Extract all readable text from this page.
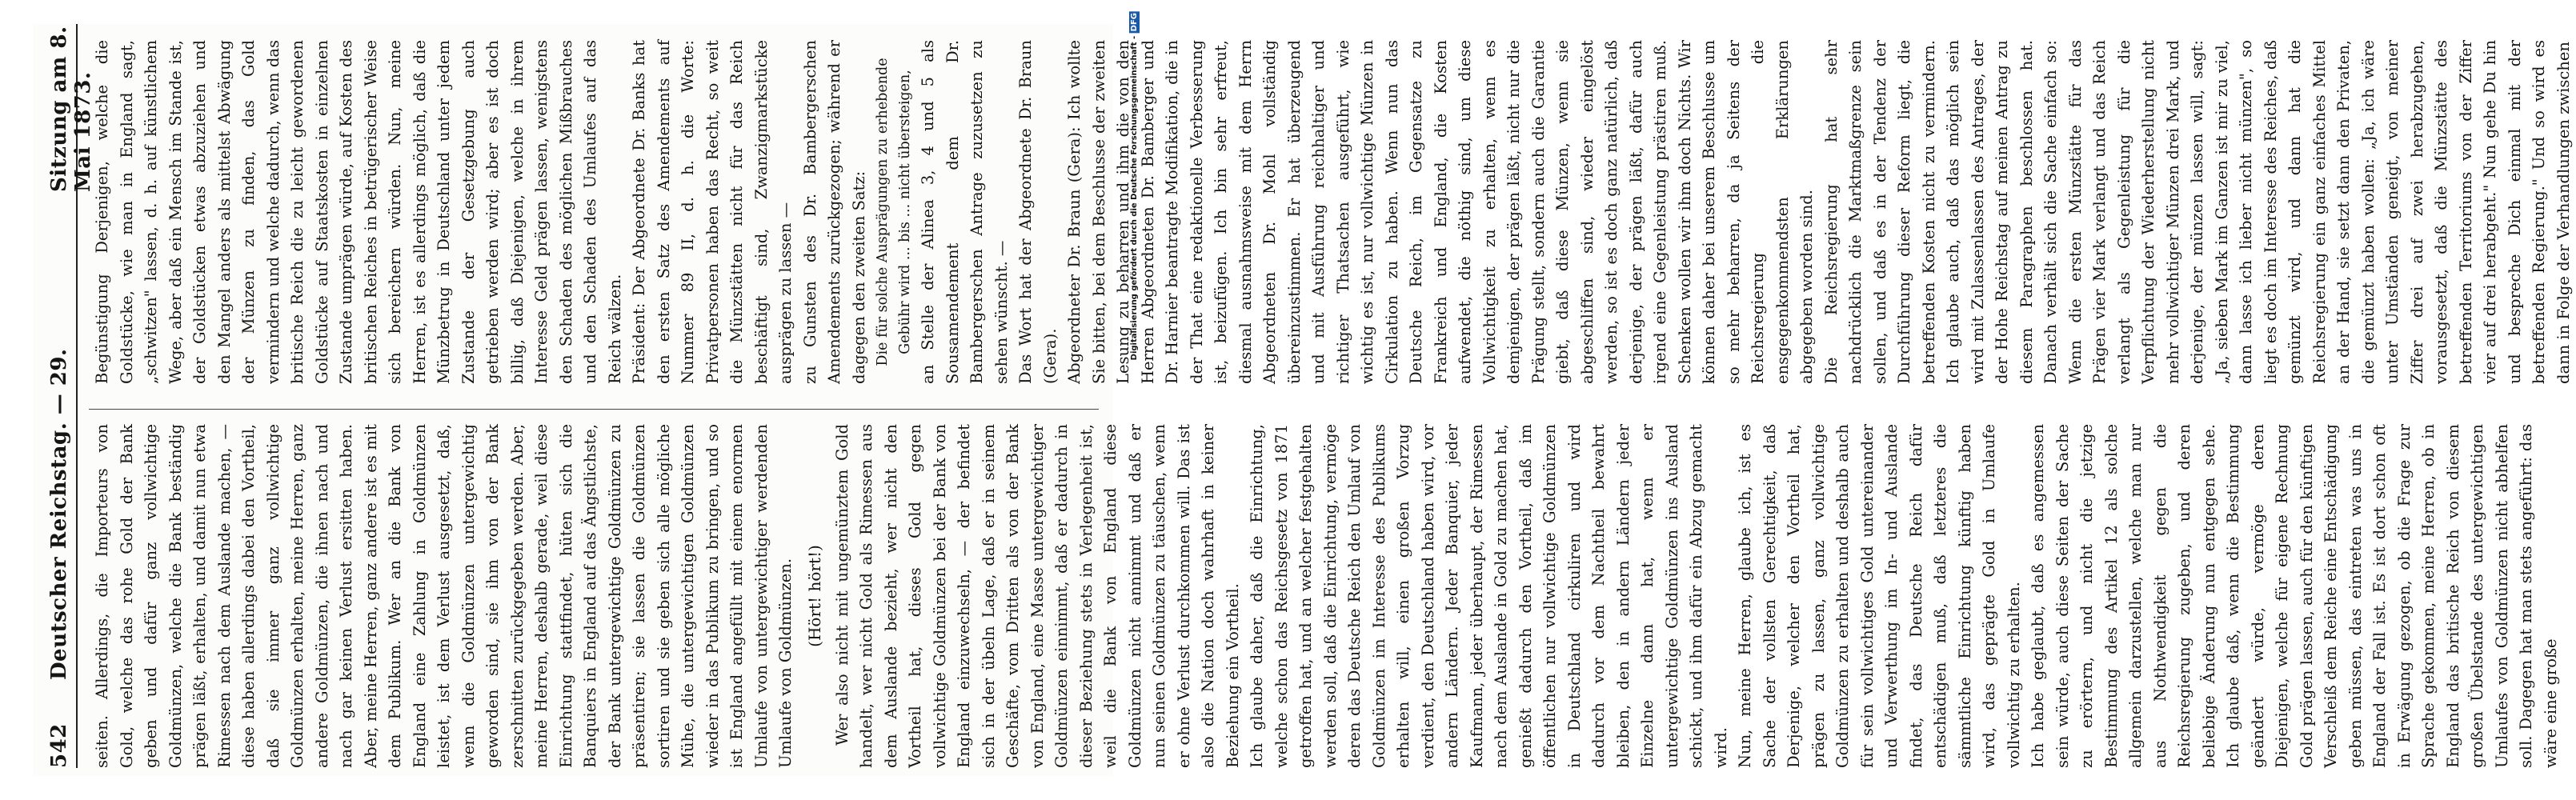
542
Deutscher Reichstag. — 29.
Sitzung am 8. Mai 1873.

seiten. Allerdings, die Importeurs von Gold, welche das rohe Gold der Bank geben und dafür ganz vollwichtige Goldmünzen, welche die Bank beständig prägen läßt, erhalten, und damit nun etwa Rimessen nach dem Auslande machen, — diese haben allerdings dabei den Vortheil, daß sie immer ganz vollwichtige Goldmünzen erhalten, meine Herren, ganz andere Goldmünzen, die ihnen nach und nach gar keinen Verlust ersitten haben. Aber, meine Herren, ganz andere ist es mit dem Publikum. Wer an die Bank von England eine Zahlung in Goldmünzen leistet, ist dem Verlust ausgesetzt, daß, wenn die Goldmünzen untergewichtig geworden sind, sie ihm von der Bank zerschnitten zurückgegeben werden. Aber, meine Herren, deshalb gerade, weil diese Einrichtung stattfindet, hüten sich die Banquiers in England auf das Ängstlichste, der Bank untergewichtige Goldmünzen zu präsentiren; sie lassen die Goldmünzen sortiren und sie geben sich alle mögliche Mühe, die untergewichtigen Goldmünzen wieder in das Publikum zu bringen, und so ist England angefüllt mit einem enormen Umlaufe von untergewichtiger werdenden Umlaufe von Goldmünzen. (Hört! hört!) Wer also nicht mit ungemünztem Gold handelt, wer nicht Gold als Rimessen aus dem Auslande bezieht, wer nicht den Vortheil hat, dieses Gold gegen vollwichtige Goldmünzen bei der Bank von England einzuwechseln, — der befindet sich in der übeln Lage, daß er in seinem Geschäfte, vom Dritten als von der Bank von England, eine Masse untergewichtiger Goldmünzen einnimmt, daß er dadurch in dieser Beziehung stets in Verlegenheit ist, weil die Bank von England diese Goldmünzen nicht annimmt und daß er nun seinen Goldmünzen zu täuschen, wenn er ohne Verlust durchkommen will. Das ist also die Nation doch wahrhaft in keiner Beziehung ein Vortheil. Ich glaube daher, daß die Einrichtung, welche schon das Reichsgesetz von 1871 getroffen hat, und an welcher festgehalten werden soll, daß die Einrichtung, vermöge deren das Deutsche Reich den Umlauf von Goldmünzen im Interesse des Publikums erhalten will, einen großen Vorzug verdient, den Deutschland haben wird, vor andern Ländern. Jeder Banquier, jeder Kaufmann, jeder überhaupt, der Rimessen nach dem Auslande in Gold zu machen hat, genießt dadurch den Vortheil, daß im öffentlichen nur vollwichtige Goldmünzen in Deutschland cirkuliren und wird dadurch vor dem Nachtheil bewahrt bleiben, den in andern Ländern jeder Einzelne dann hat, wenn er untergewichtige Goldmünzen ins Ausland schickt, und ihm dafür ein Abzug gemacht wird. Nun, meine Herren, glaube ich, ist es Sache der vollsten Gerechtigkeit, daß Derjenige, welcher den Vortheil hat, prägen zu lassen, ganz vollwichtige Goldmünzen zu erhalten und deshalb auch für sein vollwichtiges Gold untereinander und Verwerthung im In- und Auslande findet, das Deutsche Reich dafür entschädigen muß, daß letzteres die sämmtliche Einrichtung künftig haben wird, das geprägte Gold in Umlaufe vollwichtig zu erhalten. Ich habe geglaubt, daß es angemessen sein würde, auch diese Seiten der Sache zu erörtern, und nicht die jetzige Bestimmung des Artikel 12 als solche allgemein darzustellen, welche man nur aus Nothwendigkeit gegen die Reichsregierung zugeben, und deren beliebige Änderung nun entgegen sehe. Ich glaube daß, wenn die Bestimmung geändert würde, vermöge deren Diejenigen, welche für eigene Rechnung Gold prägen lassen, auch für den künftigen Verschleiß dem Reiche eine Entschädigung geben müssen, das eintreten was uns in England der Fall ist. Es ist dort schon oft in Erwägung gezogen, ob die Frage zur Sprache gekommen, meine Herren, ob in England das britische Reich von diesem großen Übelstande des untergewichtigen Umlaufes von Goldmünzen nicht abhelfen soll. Dagegen hat man stets angeführt: das wäre eine große

Begünstigung Derjenigen, welche die Goldstücke, wie man in England sagt, „schwitzen" lassen, d. h. auf künstlichem Wege, aber daß ein Mensch im Stande ist, der Goldstücken etwas abzuziehen und den Mangel anders als mittelst Abwägung der Münzen zu finden, das Gold vermindern und welche dadurch, wenn das britische Reich die zu leicht gewordenen Goldstücke auf Staatskosten in einzelnen Zustande umprägen würde, auf Kosten des britischen Reiches in betrügerischer Weise sich bereichern würden. Nun, meine Herren, ist es allerdings möglich, daß die Münzbetrug in Deutschland unter jedem Zustande der Gesetzgebung auch getrieben werden wird; aber es ist doch billig, daß Diejenigen, welche in ihrem Interesse Geld prägen lassen, wenigstens den Schaden des möglichen Mißbrauches und den Schaden des Umlaufes auf das Reich wälzen. Präsident: Der Abgeordnete Dr. Banks hat den ersten Satz des Amendements auf Nummer 89 II, d. h. die Worte: Privatpersonen haben das Recht, so weit die Münzstätten nicht für das Reich beschäftigt sind, Zwanzigmarkstücke ausprägen zu lassen — zu Gunsten des Dr. Bambergerschen Amendements zurückgezogen; während er dagegen den zweiten Satz: Die für solche Ausprägungen zu erhebende Gebühr wird ... bis ... nicht übersteigen, an Stelle der Alinea 3, 4 und 5 als Sousamendement dem Dr. Bambergerschen Antrage zuzusetzen zu sehen wünscht. — Das Wort hat der Abgeordnete Dr. Braun (Gera). Abgeordneter Dr. Braun (Gera): Ich wollte Sie bitten, bei dem Beschlusse der zweiten Lesung zu beharren und ihm die von den Herren Abgeordneten Dr. Bamberger und Dr. Harnier beantragte Modifikation, die in der That eine redaktionelle Verbesserung ist, beizufügen. Ich bin sehr erfreut, diesmal ausnahmsweise mit dem Herrn Abgeordneten Dr. Mohl vollständig übereinzustimmen. Er hat überzeugend und mit Ausführung reichhaltiger und richtiger Thatsachen ausgeführt, wie wichtig es ist, nur vollwichtige Münzen in Cirkulation zu haben. Wenn nun das Deutsche Reich, im Gegensatze zu Frankreich und England, die Kosten aufwendet, die nöthig sind, um diese Vollwichtigkeit zu erhalten, wenn es demjenigen, der prägen läßt, nicht nur die Prägung stellt, sondern auch die Garantie giebt, daß diese Münzen, wenn sie abgeschliffen sind, wieder eingelöst werden, so ist es doch ganz natürlich, daß derjenige, der prägen läßt, dafür auch irgend eine Gegenleistung prästiren muß. Schenken wollen wir ihm doch Nichts. Wir können daher bei unserem Beschlusse um so mehr beharren, da ja Seitens der Reichsregierung die ensgegenkommendsten Erklärungen abgegeben worden sind. Die Reichsregierung hat sehr nachdrücklich die Marktmaßgrenze sein sollen, und daß es in der Tendenz der Durchführung dieser Reform liegt, die betreffenden Kosten nicht zu vermindern. Ich glaube auch, daß das möglich sein wird mit Zulassenlassen des Antrages, der der Hohe Reichstag auf meinen Antrag zu diesem Paragraphen beschlossen hat. Danach verhält sich die Sache einfach so: Wenn die ersten Münzstätte für das Prägen vier Mark verlangt und das Reich verlangt als Gegenleistung für die Verpflichtung der Wiederherstellung nicht mehr vollwichtiger Münzen drei Mark, und derjenige, der münzen lassen will, sagt: „Ja, sieben Mark im Ganzen ist mir zu viel, dann lasse ich lieber nicht münzen", so liegt es doch im Interesse des Reiches, daß gemünzt wird, und dann hat die Reichsregierung ein ganz einfaches Mittel an der Hand, sie setzt dann den Privaten, die gemünzt haben wollen: „Ja, ich wäre unter Umständen geneigt, von meiner Ziffer drei auf zwei herabzugehen, vorausgesetzt, daß die Münzstätte des betreffenden Territoriums von der Ziffer vier auf drei herabgeht." Nun gehe Du hin und bespreche Dich einmal mit der betreffenden Regierung." Und so wird es dann in Folge der Verhandlungen zwischen

Digitalisierung gefördert durch die Deutsche Forschungsgemeinschaft - DFG
